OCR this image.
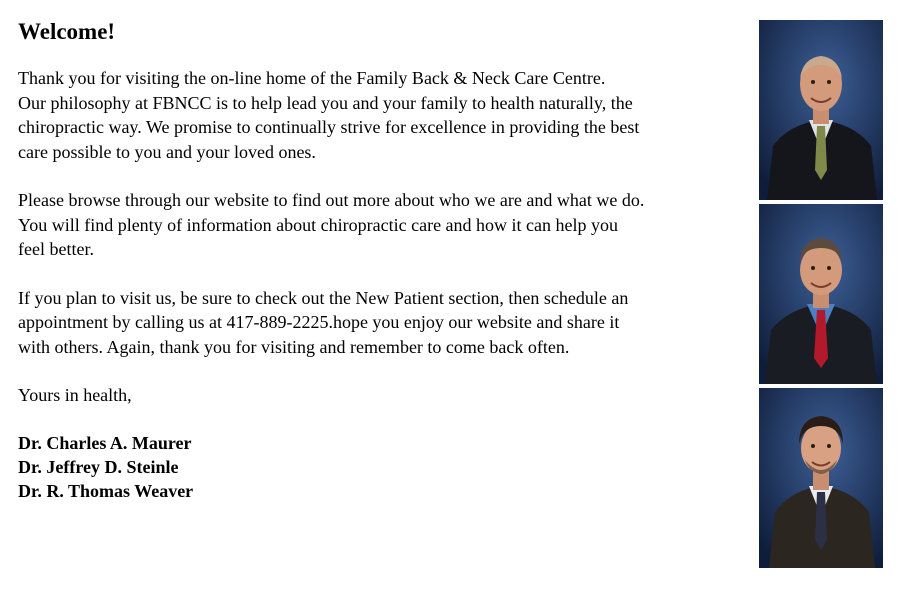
Welcome!
Thank you for visiting the on-line home of the Family Back & Neck Care Centre.
Our philosophy at FBNCC is to help lead you and your family to health naturally, the
chiropractic way. We promise to continually strive for excellence in providing the best
care possible to you and your loved ones.
Please browse through our website to find out more about who we are and what we do.
You will find plenty of information about chiropractic care and how it can help you
feel better.
If you plan to visit us, be sure to check out the New Patient section, then schedule an
appointment by calling us at 417-889-2225.hope you enjoy our website and share it
with others. Again, thank you for visiting and remember to come back often.
Yours in health,
Dr. Charles A. Maurer
Dr. Jeffrey D. Steinle
Dr. R. Thomas Weaver
